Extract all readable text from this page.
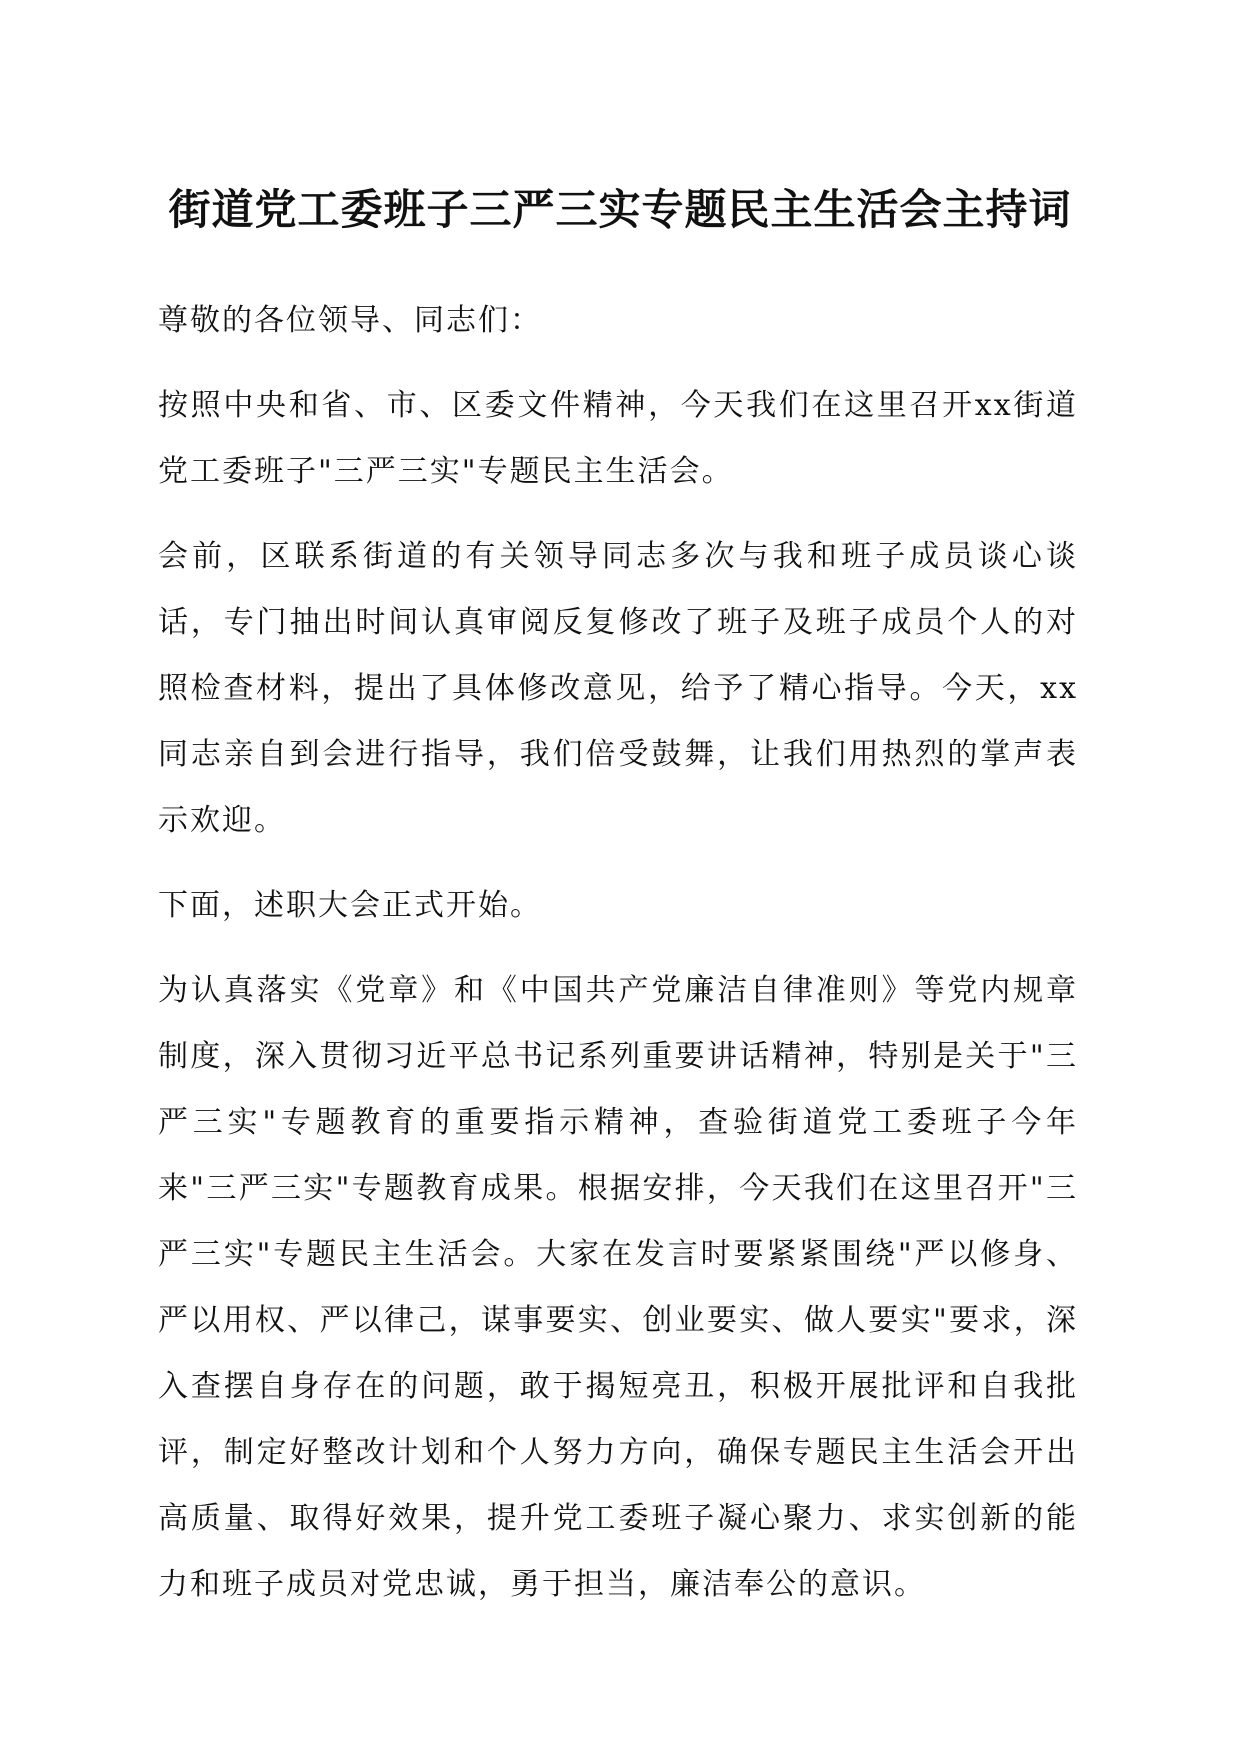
街道党工委班子三严三实专题民主生活会主持词

尊敬的各位领导、同志们：

按照中央和省、市、区委文件精神，今天我们在这里召开xx街道党工委班子"三严三实"专题民主生活会。

会前，区联系街道的有关领导同志多次与我和班子成员谈心谈话，专门抽出时间认真审阅反复修改了班子及班子成员个人的对照检查材料，提出了具体修改意见，给予了精心指导。今天，xx同志亲自到会进行指导，我们倍受鼓舞，让我们用热烈的掌声表示欢迎。

下面，述职大会正式开始。

为认真落实《党章》和《中国共产党廉洁自律准则》等党内规章制度，深入贯彻习近平总书记系列重要讲话精神，特别是关于"三严三实"专题教育的重要指示精神，查验街道党工委班子今年来"三严三实"专题教育成果。根据安排，今天我们在这里召开"三严三实"专题民主生活会。大家在发言时要紧紧围绕"严以修身、严以用权、严以律己，谋事要实、创业要实、做人要实"要求，深入查摆自身存在的问题，敢于揭短亮丑，积极开展批评和自我批评，制定好整改计划和个人努力方向，确保专题民主生活会开出高质量、取得好效果，提升党工委班子凝心聚力、求实创新的能力和班子成员对党忠诚，勇于担当，廉洁奉公的意识。
